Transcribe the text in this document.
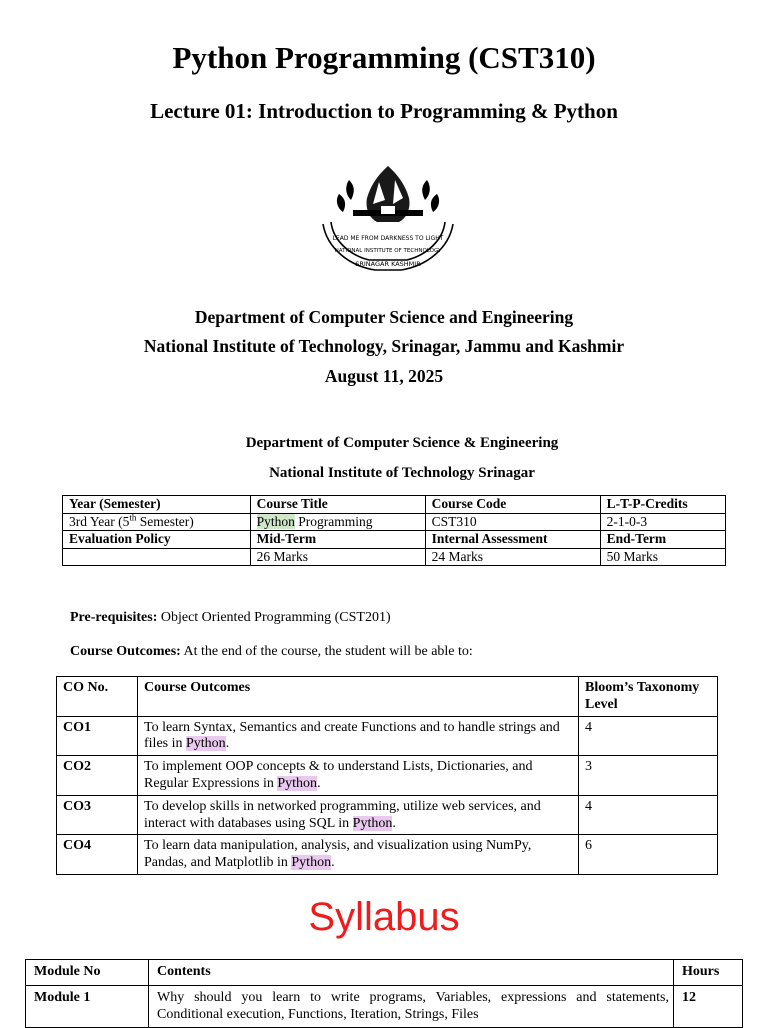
Python Programming (CST310)
Lecture 01: Introduction to Programming & Python
LEAD ME FROM DARKNESS TO LIGHT
NATIONAL INSTITUTE OF TECHNOLOGY
SRINAGAR KASHMIR
Department of Computer Science and Engineering
National Institute of Technology, Srinagar, Jammu and Kashmir
August 11, 2025
Department of Computer Science & Engineering
National Institute of Technology Srinagar
Year (Semester)	Course Title	Course Code	L-T-P-Credits
3rd Year (5th Semester)	Python Programming	CST310	2-1-0-3
Evaluation Policy	Mid-Term	Internal Assessment	End-Term
	26 Marks	24 Marks	50 Marks
Pre-requisites: Object Oriented Programming (CST201)
Course Outcomes: At the end of the course, the student will be able to:
CO No.	Course Outcomes	Bloom’s Taxonomy Level
CO1	To learn Syntax, Semantics and create Functions and to handle strings and files in Python.	4
CO2	To implement OOP concepts & to understand Lists, Dictionaries, and Regular Expressions in Python.	3
CO3	To develop skills in networked programming, utilize web services, and interact with databases using SQL in Python.	4
CO4	To learn data manipulation, analysis, and visualization using NumPy, Pandas, and Matplotlib in Python.	6
Syllabus
Module No	Contents	Hours
Module 1	Why should you learn to write programs, Variables, expressions and statements, Conditional execution, Functions, Iteration, Strings, Files	12
